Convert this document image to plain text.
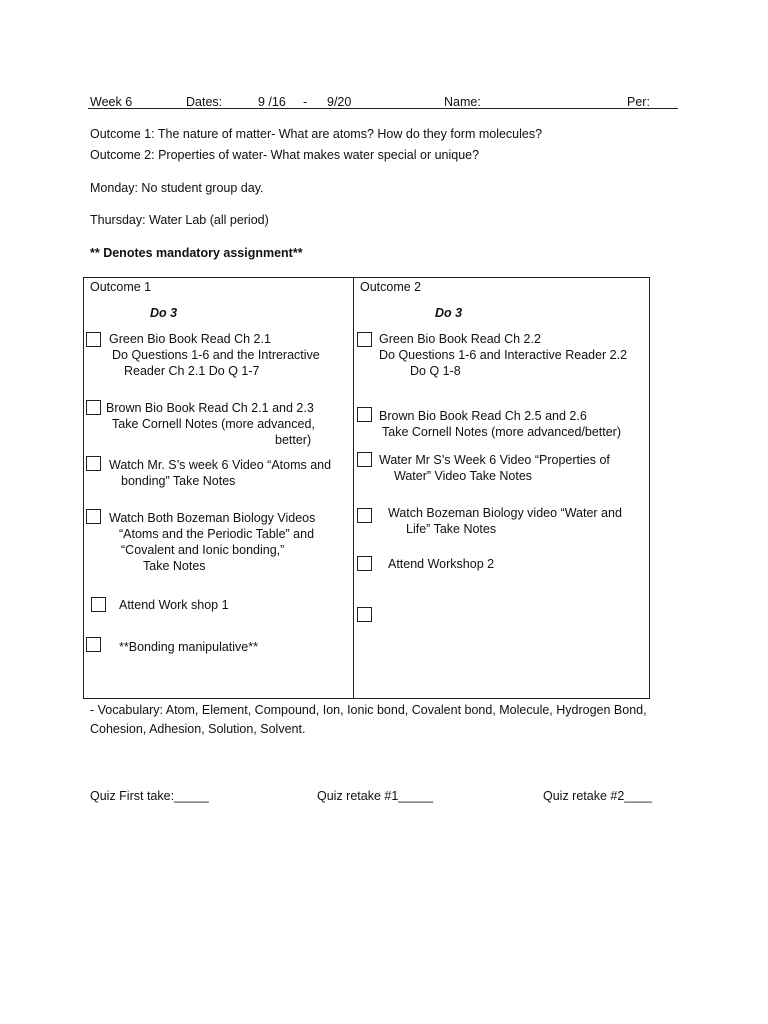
Week 6	Dates:	9 /16 - 9/20	Name:	Per:
Outcome 1: The nature of matter- What are atoms? How do they form molecules?
Outcome 2: Properties of water- What makes water special or unique?
Monday: No student group day.
Thursday: Water Lab (all period)
** Denotes mandatory assignment**
Outcome 1
Do 3
Green Bio Book Read Ch 2.1
Do Questions 1-6 and the Intreractive
Reader Ch 2.1 Do Q 1-7
Brown Bio Book Read Ch 2.1 and 2.3
Take Cornell Notes (more advanced,
better)
Watch Mr. S’s week 6 Video “Atoms and
bonding” Take Notes
Watch Both Bozeman Biology Videos
“Atoms and the Periodic Table” and
“Covalent and Ionic bonding,”
Take Notes
Attend Work shop 1
**Bonding manipulative**
Outcome 2
Do 3
Green Bio Book Read Ch 2.2
Do Questions 1-6 and Interactive Reader 2.2
Do Q 1-8
Brown Bio Book Read Ch 2.5 and 2.6
Take Cornell Notes (more advanced/better)
Water Mr S’s Week 6 Video “Properties of
Water” Video Take Notes
Watch Bozeman Biology video “Water and
Life” Take Notes
Attend Workshop 2
- Vocabulary: Atom, Element, Compound, Ion, Ionic bond, Covalent bond, Molecule, Hydrogen Bond,
Cohesion, Adhesion, Solution, Solvent.
Quiz First take:_____	Quiz retake #1_____	Quiz retake #2____
